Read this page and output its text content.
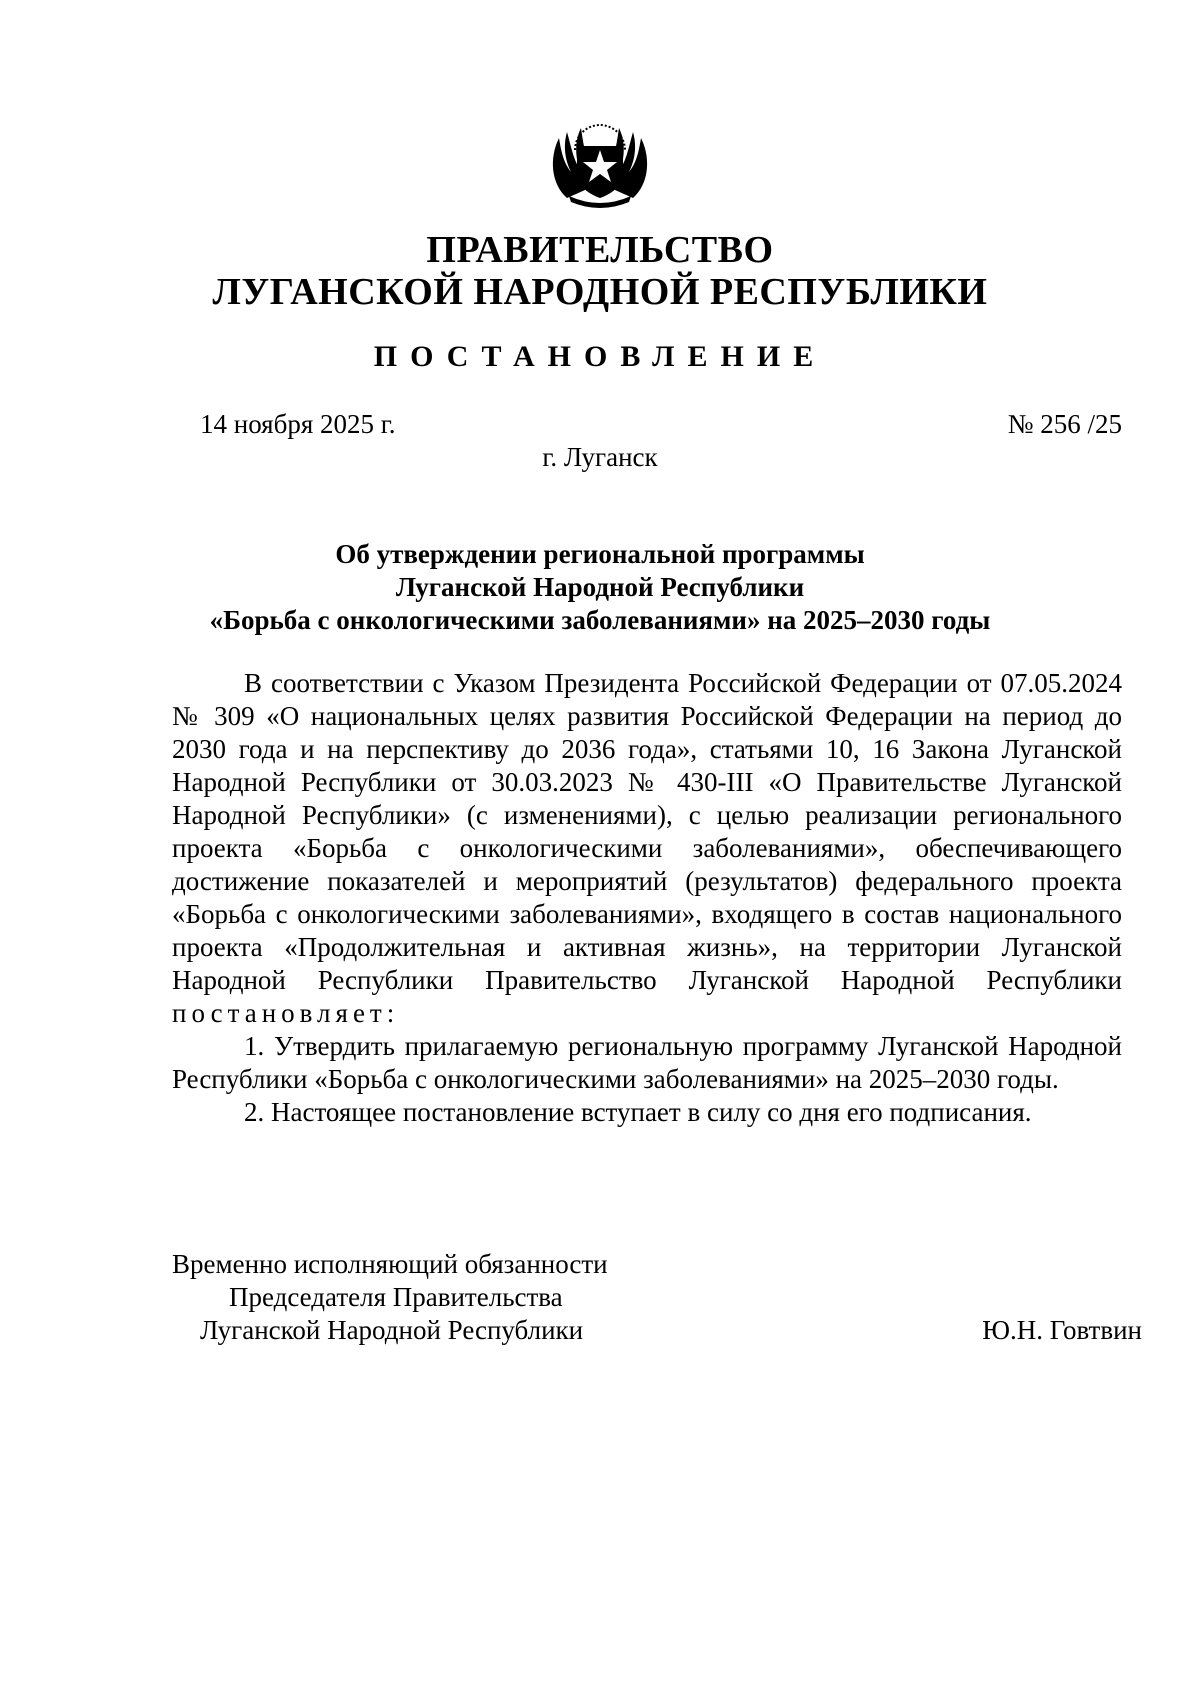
ПРАВИТЕЛЬСТВО
ЛУГАНСКОЙ НАРОДНОЙ РЕСПУБЛИКИ
ПОСТАНОВЛЕНИЕ
14 ноября 2025 г.	№ 256 /25
г. Луганск
Об утверждении региональной программы
Луганской Народной Республики
«Борьба с онкологическими заболеваниями» на 2025–2030 годы

В соответствии с Указом Президента Российской Федерации от 07.05.2024 № 309 «О национальных целях развития Российской Федерации на период до 2030 года и на перспективу до 2036 года», статьями 10, 16 Закона Луганской Народной Республики от 30.03.2023 № 430-III «О Правительстве Луганской Народной Республики» (с изменениями), с целью реализации регионального проекта «Борьба с онкологическими заболеваниями», обеспечивающего достижение показателей и мероприятий (результатов) федерального проекта «Борьба с онкологическими заболеваниями», входящего в состав национального проекта «Продолжительная и активная жизнь», на территории Луганской Народной Республики Правительство Луганской Народной Республики постановляет:

1. Утвердить прилагаемую региональную программу Луганской Народной Республики «Борьба с онкологическими заболеваниями» на 2025–2030 годы.

2. Настоящее постановление вступает в силу со дня его подписания.

Временно исполняющий обязанности
Председателя Правительства
Луганской Народной Республики	Ю.Н. Говтвин
